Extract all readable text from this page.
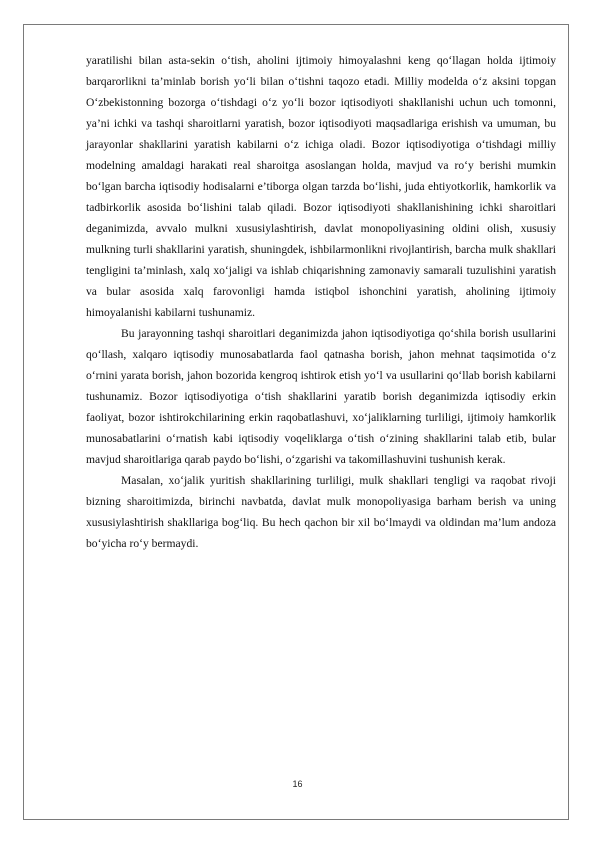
yaratilishi bilan asta-sekin o‘tish, aholini ijtimoiy himoyalashni keng qo‘llagan holda ijtimoiy barqarorlikni ta’minlab borish yo‘li bilan o‘tishni taqozo etadi. Milliy modelda o‘z aksini topgan O‘zbekistonning bozorga o‘tishdagi o‘z yo‘li bozor iqtisodiyoti shakllanishi uchun uch tomonni, ya’ni ichki va tashqi sharoitlarni yaratish, bozor iqtisodiyoti maqsadlariga erishish va umuman, bu jarayonlar shakllarini yaratish kabilarni o‘z ichiga oladi. Bozor iqtisodiyotiga o‘tishdagi milliy modelning amaldagi harakati real sharoitga asoslangan holda, mavjud va ro‘y berishi mumkin bo‘lgan barcha iqtisodiy hodisalarni e’tiborga olgan tarzda bo‘lishi, juda ehtiyotkorlik, hamkorlik va tadbirkorlik asosida bo‘lishini talab qiladi. Bozor iqtisodiyoti shakllanishining ichki sharoitlari deganimizda, avvalo mulkni xususiylashtirish, davlat monopoliyasining oldini olish, xususiy mulkning turli shakllarini yaratish, shuningdek, ishbilarmonlikni rivojlantirish, barcha mulk shakllari tengligini ta’minlash, xalq xo‘jaligi va ishlab chiqarishning zamonaviy samarali tuzulishini yaratish va bular asosida xalq farovonligi hamda istiqbol ishonchini yaratish, aholining ijtimoiy himoyalanishi kabilarni tushunamiz.

Bu jarayonning tashqi sharoitlari deganimizda jahon iqtisodiyotiga qo‘shila borish usullarini qo‘llash, xalqaro iqtisodiy munosabatlarda faol qatnasha borish, jahon mehnat taqsimotida o‘z o‘rnini yarata borish, jahon bozorida kengroq ishtirok etish yo‘l va usullarini qo‘llab borish kabilarni tushunamiz. Bozor iqtisodiyotiga o‘tish shakllarini yaratib borish deganimizda iqtisodiy erkin faoliyat, bozor ishtirokchilarining erkin raqobatlashuvi, xo‘jaliklarning turliligi, ijtimoiy hamkorlik munosabatlarini o‘rnatish kabi iqtisodiy voqeliklarga o‘tish o‘zining shakllarini talab etib, bular mavjud sharoitlariga qarab paydo bo‘lishi, o‘zgarishi va takomillashuvini tushunish kerak.

Masalan, xo‘jalik yuritish shakllarining turliligi, mulk shakllari tengligi va raqobat rivoji bizning sharoitimizda, birinchi navbatda, davlat mulk monopoliyasiga barham berish va uning xususiylashtirish shakllariga bog‘liq. Bu hech qachon bir xil bo‘lmaydi va oldindan ma’lum andoza bo‘yicha ro‘y bermaydi.

16
